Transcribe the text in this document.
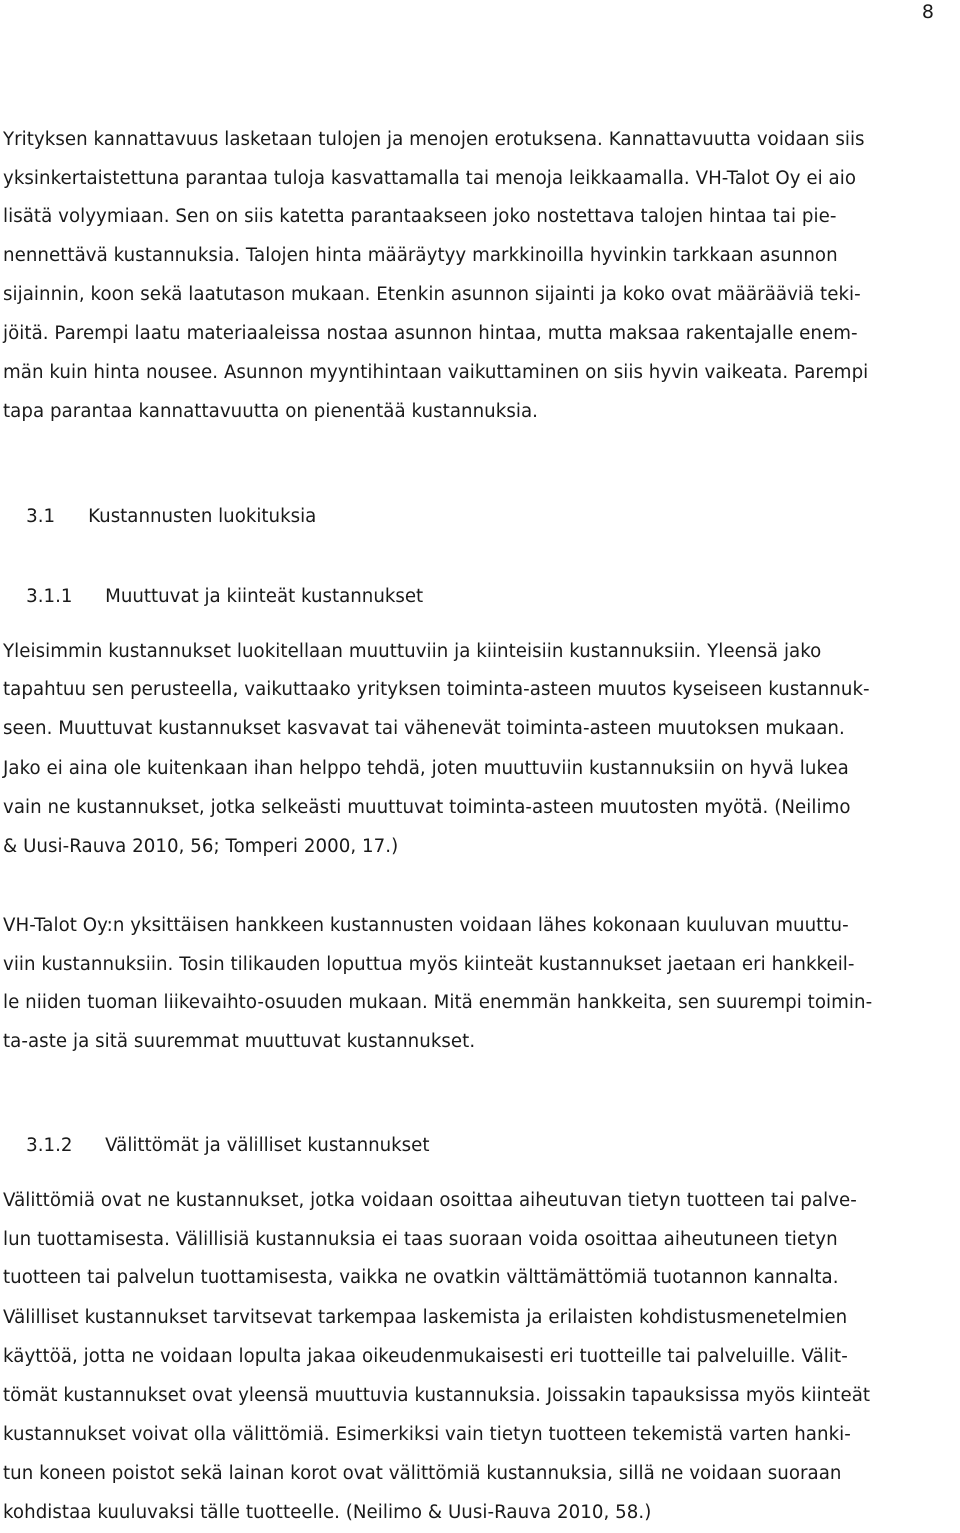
8
Yrityksen kannattavuus lasketaan tulojen ja menojen erotuksena. Kannattavuutta voidaan siis
yksinkertaistettuna parantaa tuloja kasvattamalla tai menoja leikkaamalla. VH-Talot Oy ei aio
lisätä volyymiaan. Sen on siis katetta parantaakseen joko nostettava talojen hintaa tai pie-
nennettävä kustannuksia. Talojen hinta määräytyy markkinoilla hyvinkin tarkkaan asunnon
sijainnin, koon sekä laatutason mukaan. Etenkin asunnon sijainti ja koko ovat määrääviä teki-
jöitä. Parempi laatu materiaaleissa nostaa asunnon hintaa, mutta maksaa rakentajalle enem-
män kuin hinta nousee. Asunnon myyntihintaan vaikuttaminen on siis hyvin vaikeata. Parempi
tapa parantaa kannattavuutta on pienentää kustannuksia.

3.1 Kustannusten luokituksia

3.1.1 Muuttuvat ja kiinteät kustannukset

Yleisimmin kustannukset luokitellaan muuttuviin ja kiinteisiin kustannuksiin. Yleensä jako
tapahtuu sen perusteella, vaikuttaako yrityksen toiminta-asteen muutos kyseiseen kustannuk-
seen. Muuttuvat kustannukset kasvavat tai vähenevät toiminta-asteen muutoksen mukaan.
Jako ei aina ole kuitenkaan ihan helppo tehdä, joten muuttuviin kustannuksiin on hyvä lukea
vain ne kustannukset, jotka selkeästi muuttuvat toiminta-asteen muutosten myötä. (Neilimo
& Uusi-Rauva 2010, 56; Tomperi 2000, 17.)
VH-Talot Oy:n yksittäisen hankkeen kustannusten voidaan lähes kokonaan kuuluvan muuttu-
viin kustannuksiin. Tosin tilikauden loputtua myös kiinteät kustannukset jaetaan eri hankkeil-
le niiden tuoman liikevaihto-osuuden mukaan. Mitä enemmän hankkeita, sen suurempi toimin-
ta-aste ja sitä suuremmat muuttuvat kustannukset.

3.1.2 Välittömät ja välilliset kustannukset

Välittömiä ovat ne kustannukset, jotka voidaan osoittaa aiheutuvan tietyn tuotteen tai palve-
lun tuottamisesta. Välillisiä kustannuksia ei taas suoraan voida osoittaa aiheutuneen tietyn
tuotteen tai palvelun tuottamisesta, vaikka ne ovatkin välttämättömiä tuotannon kannalta.
Välilliset kustannukset tarvitsevat tarkempaa laskemista ja erilaisten kohdistusmenetelmien
käyttöä, jotta ne voidaan lopulta jakaa oikeudenmukaisesti eri tuotteille tai palveluille. Välit-
tömät kustannukset ovat yleensä muuttuvia kustannuksia. Joissakin tapauksissa myös kiinteät
kustannukset voivat olla välittömiä. Esimerkiksi vain tietyn tuotteen tekemistä varten hanki-
tun koneen poistot sekä lainan korot ovat välittömiä kustannuksia, sillä ne voidaan suoraan
kohdistaa kuuluvaksi tälle tuotteelle. (Neilimo & Uusi-Rauva 2010, 58.)
